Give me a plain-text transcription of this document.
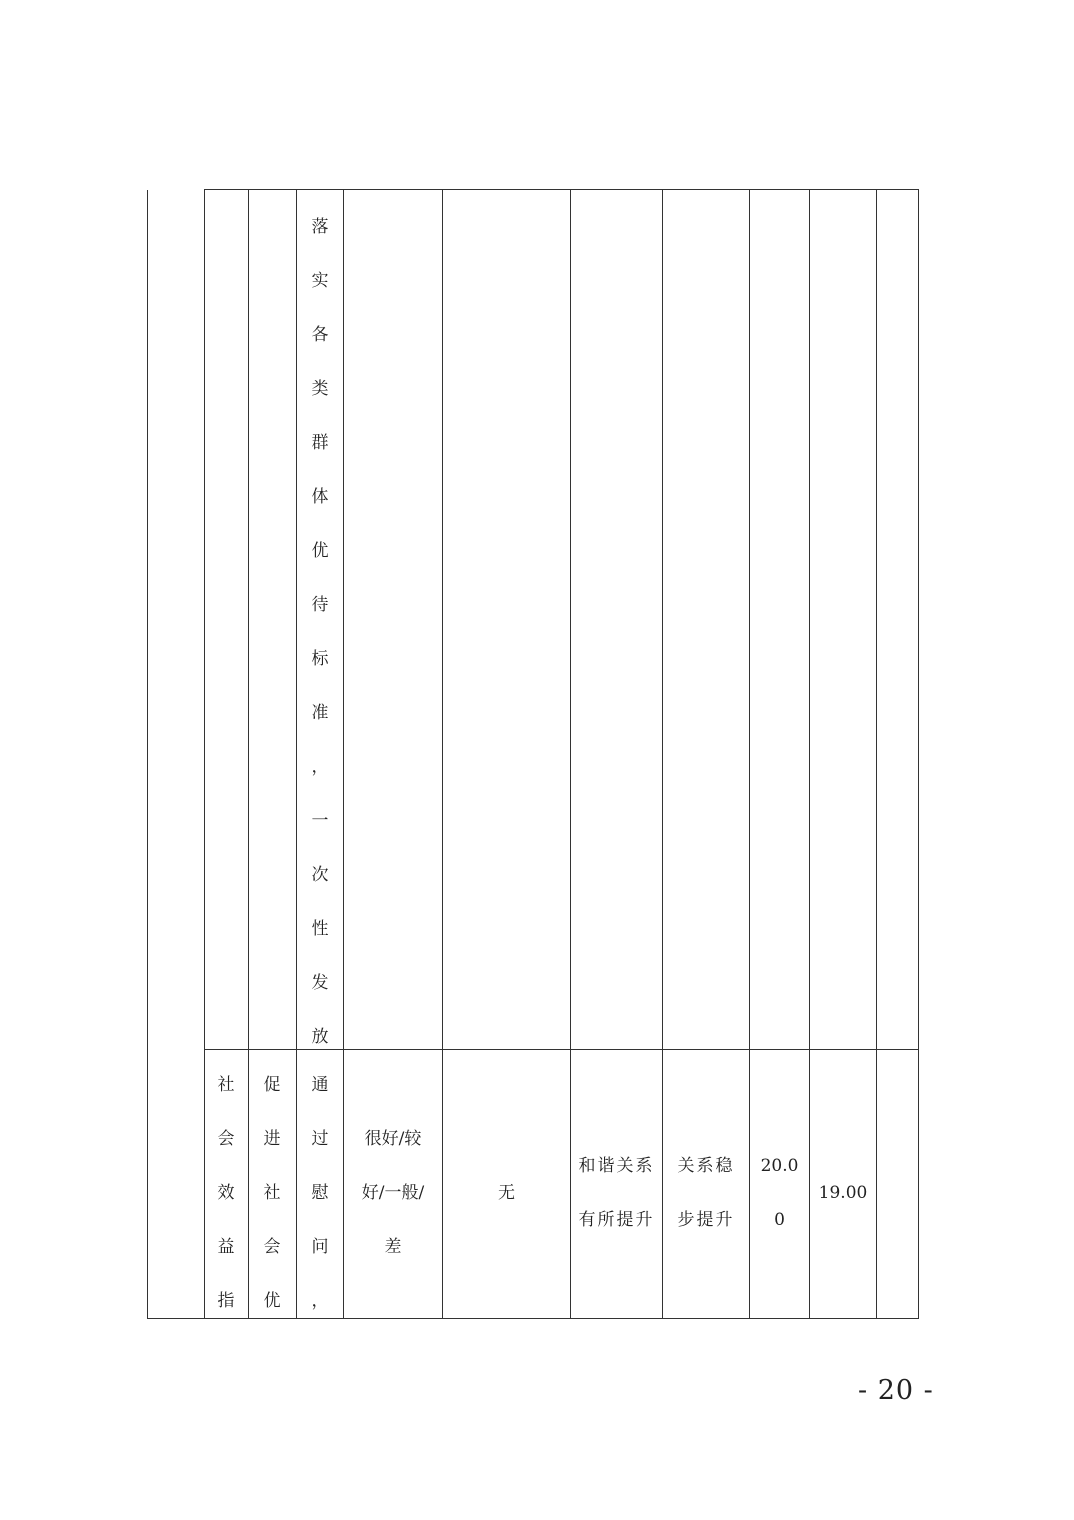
落
实
各
类
群
体
优
待
标
准
，
一
次
性
发
放
社
会
效
益
指
促
进
社
会
优
通
过
慰
问
，
很好/较
好/一般/
差
无
和谐关系
有所提升
关系稳
步提升
20.0
0
19.00
- 20 -
